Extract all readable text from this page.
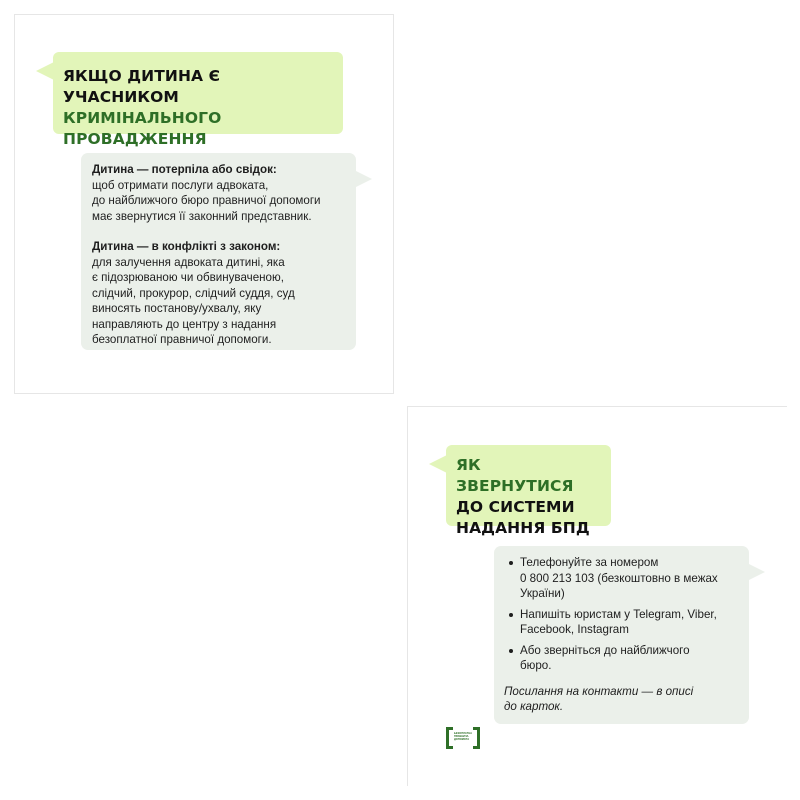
ЯКЩО ДИТИНА Є УЧАСНИКОМ
КРИМІНАЛЬНОГО
ПРОВАДЖЕННЯ
Дитина — потерпіла або свідок:
щоб отримати послуги адвоката,
до найближчого бюро правничої допомоги
має звернутися її законний представник.
Дитина — в конфлікті з законом:
для залучення адвоката дитині, яка
є підозрюваною чи обвинуваченою,
слідчий, прокурор, слідчий суддя, суд
виносять постанову/ухвалу, яку
направляють до центру з надання
безоплатної правничої допомоги.
ЯК ЗВЕРНУТИСЯ
ДО СИСТЕМИ
НАДАННЯ БПД
Телефонуйте за номером
0 800 213 103 (безкоштовно в межах
України)
Напишіть юристам у Telegram, Viber,
Facebook, Instagram
Або зверніться до найближчого
бюро.
Посилання на контакти — в описі
до карток.
БЕЗОПЛАТНА
ПРАВНИЧА
ДОПОМОГА
